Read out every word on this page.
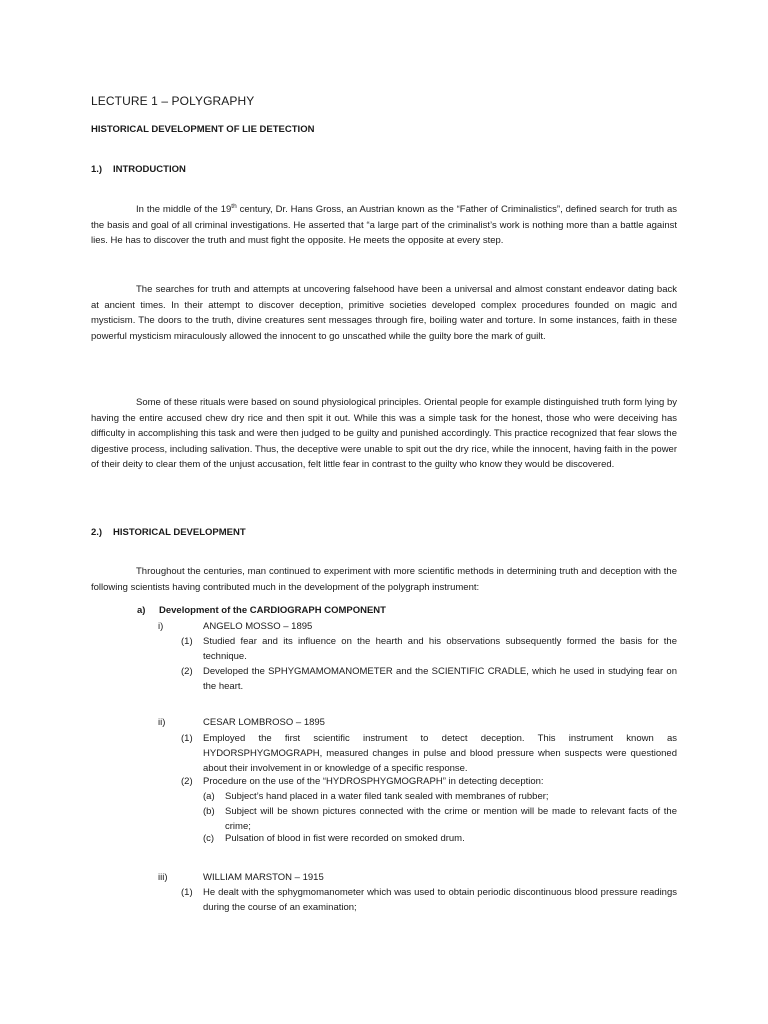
LECTURE 1 – POLYGRAPHY
HISTORICAL DEVELOPMENT OF LIE DETECTION
1.) INTRODUCTION

In the middle of the 19th century, Dr. Hans Gross, an Austrian known as the “Father of Criminalistics”, defined search for truth as the basis and goal of all criminal investigations. He asserted that “a large part of the criminalist’s work is nothing more than a battle against lies. He has to discover the truth and must fight the opposite. He meets the opposite at every step.

The searches for truth and attempts at uncovering falsehood have been a universal and almost constant endeavor dating back at ancient times. In their attempt to discover deception, primitive societies developed complex procedures founded on magic and mysticism. The doors to the truth, divine creatures sent messages through fire, boiling water and torture. In some instances, faith in these powerful mysticism miraculously allowed the innocent to go unscathed while the guilty bore the mark of guilt.

Some of these rituals were based on sound physiological principles. Oriental people for example distinguished truth form lying by having the entire accused chew dry rice and then spit it out. While this was a simple task for the honest, those who were deceiving has difficulty in accomplishing this task and were then judged to be guilty and punished accordingly. This practice recognized that fear slows the digestive process, including salivation. Thus, the deceptive were unable to spit out the dry rice, while the innocent, having faith in the power of their deity to clear them of the unjust accusation, felt little fear in contrast to the guilty who know they would be discovered.

2.) HISTORICAL DEVELOPMENT

Throughout the centuries, man continued to experiment with more scientific methods in determining truth and deception with the following scientists having contributed much in the development of the polygraph instrument:

a) Development of the CARDIOGRAPH COMPONENT
i)	ANGELO MOSSO – 1895
(1) Studied fear and its influence on the hearth and his observations subsequently formed the basis for the technique.
(2) Developed the SPHYGMAMOMANOMETER and the SCIENTIFIC CRADLE, which he used in studying fear on the heart.
ii)	CESAR LOMBROSO – 1895
(1) Employed the first scientific instrument to detect deception. This instrument known as HYDORSPHYGMOGRAPH, measured changes in pulse and blood pressure when suspects were questioned about their involvement in or knowledge of a specific response.
(2) Procedure on the use of the “HYDROSPHYGMOGRAPH” in detecting deception:
(a) Subject’s hand placed in a water filed tank sealed with membranes of rubber;
(b) Subject will be shown pictures connected with the crime or mention will be made to relevant facts of the crime;
(c) Pulsation of blood in fist were recorded on smoked drum.
iii)	WILLIAM MARSTON – 1915
(1) He dealt with the sphygmomanometer which was used to obtain periodic discontinuous blood pressure readings during the course of an examination;
